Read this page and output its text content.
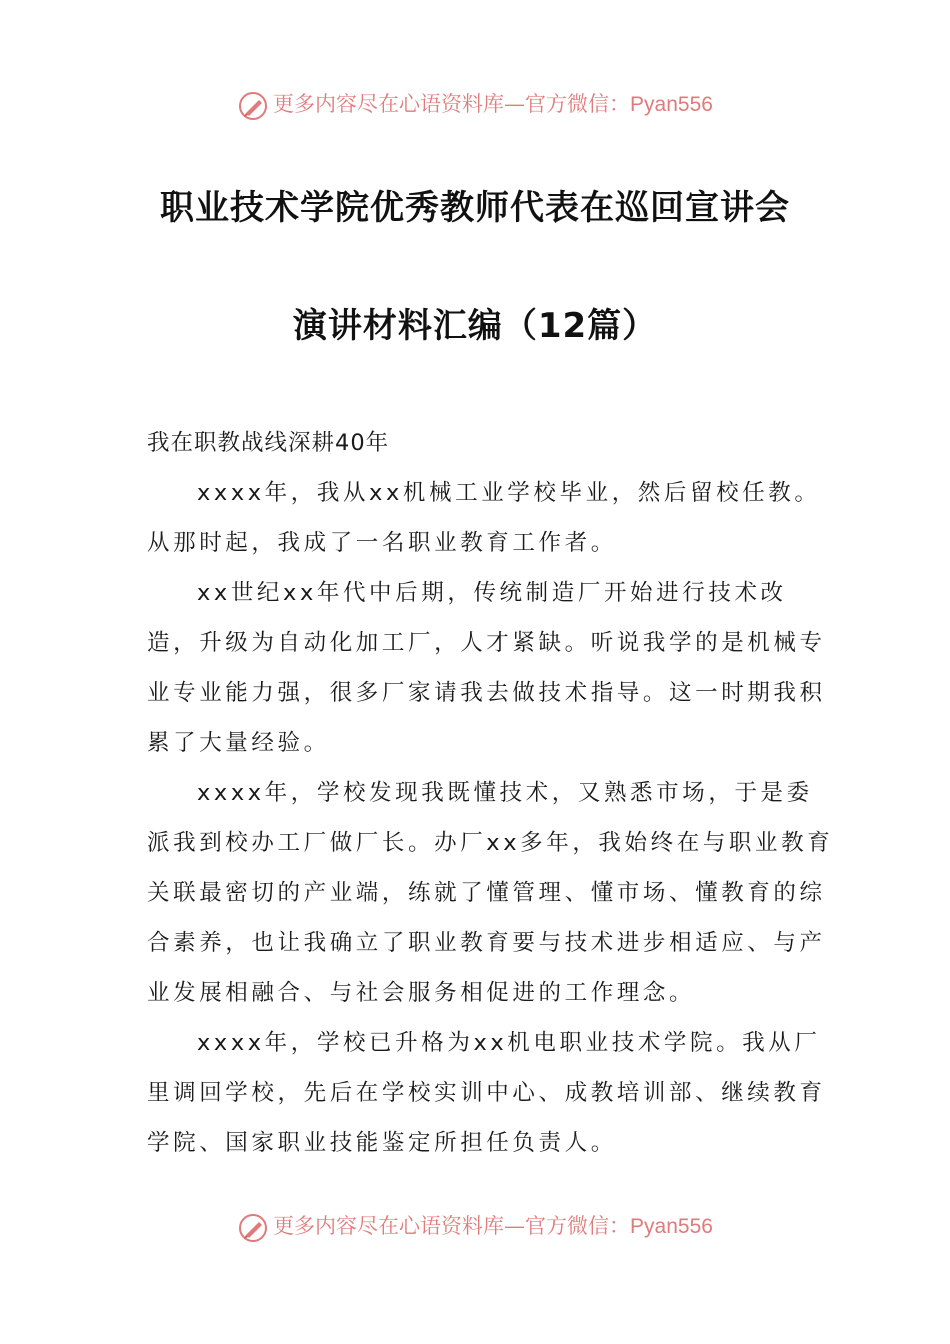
更多内容尽在心语资料库—官方微信：Pyan556
职业技术学院优秀教师代表在巡回宣讲会
演讲材料汇编（12篇）

我在职教战线深耕40年

xxxx年，我从xx机械工业学校毕业，然后留校任教。从那时起，我成了一名职业教育工作者。

xx世纪xx年代中后期，传统制造厂开始进行技术改造，升级为自动化加工厂，人才紧缺。听说我学的是机械专业专业能力强，很多厂家请我去做技术指导。这一时期我积累了大量经验。

xxxx年，学校发现我既懂技术，又熟悉市场，于是委派我到校办工厂做厂长。办厂xx多年，我始终在与职业教育关联最密切的产业端，练就了懂管理、懂市场、懂教育的综合素养，也让我确立了职业教育要与技术进步相适应、与产业发展相融合、与社会服务相促进的工作理念。

xxxx年，学校已升格为xx机电职业技术学院。我从厂里调回学校，先后在学校实训中心、成教培训部、继续教育学院、国家职业技能鉴定所担任负责人。

更多内容尽在心语资料库—官方微信：Pyan556
